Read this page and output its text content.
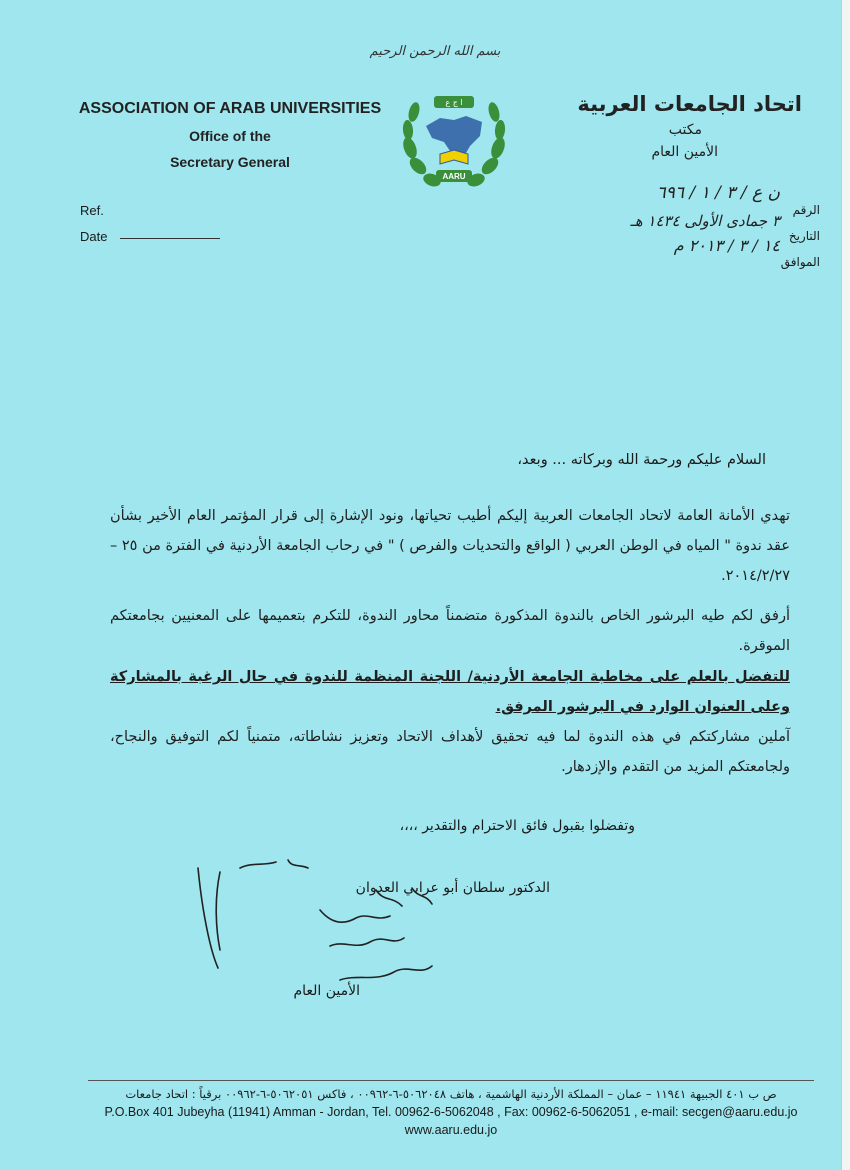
بسم الله الرحمن الرحيم
ASSOCIATION OF ARAB UNIVERSITIES
Office of the
Secretary General
ا ج ع
AARU
اتحاد الجامعات العربية
مكتب
الأمين العام
Ref.
Date
الرقم
ن ع / ٣ / ١ / ٦٩٦
التاريخ
٣ جمادى الأولى ١٤٣٤ هـ
الموافق
١٤ / ٣ / ٢٠١٣ م
السلام عليكم ورحمة الله وبركاته ... وبعد،
تهدي الأمانة العامة لاتحاد الجامعات العربية إليكم أطيب تحياتها، ونود الإشارة إلى قرار المؤتمر العام الأخير بشأن عقد ندوة " المياه في الوطن العربي ( الواقع والتحديات والفرص ) " في رحاب الجامعة الأردنية في الفترة من ٢٥ –٢٠١٤/٢/٢٧.
أرفق لكم طيه البرشور الخاص بالندوة المذكورة متضمناً محاور الندوة، للتكرم بتعميمها على المعنيين بجامعتكم الموقرة.
للتفضل بالعلم على مخاطبة الجامعة الأردنية/ اللجنة المنظمة للندوة في حال الرغبة بالمشاركة وعلى العنوان الوارد في البرشور المرفق.
آملين مشاركتكم في هذه الندوة لما فيه تحقيق لأهداف الاتحاد وتعزيز نشاطاته، متمنياً لكم التوفيق والنجاح، ولجامعتكم المزيد من التقدم والإزدهار.
وتفضلوا بقبول فائق الاحترام والتقدير ،،،،
الدكتور سلطان أبو عرابي العدوان
الأمين العام
ص ب ٤٠١ الجبيهة ١١٩٤١ – عمان – المملكة الأردنية الهاشمية ، هاتف ٥٠٦٢٠٤٨-٦-٠٠٩٦٢ ، فاكس ٥٠٦٢٠٥١-٦-٠٠٩٦٢ برقياً : اتحاد جامعات
P.O.Box 401 Jubeyha (11941) Amman - Jordan, Tel. 00962-6-5062048 , Fax: 00962-6-5062051 , e-mail: secgen@aaru.edu.jo
www.aaru.edu.jo
